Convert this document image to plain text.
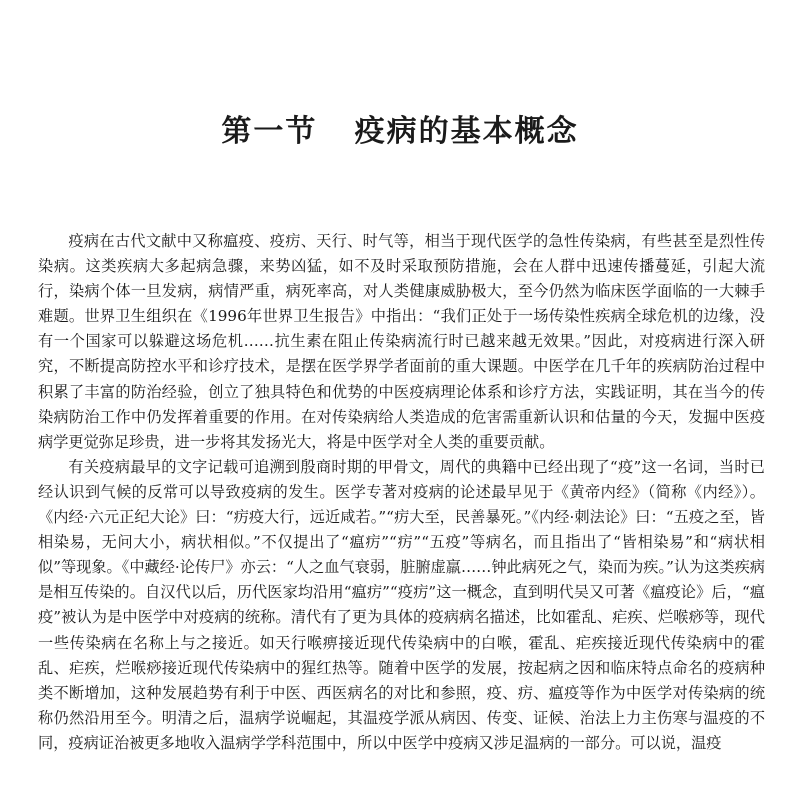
第一节   疫病的基本概念

疫病在古代文献中又称瘟疫、疫疠、天行、时气等，相当于现代医学的急性传染病，有些甚至是烈性传染病。这类疾病大多起病急骤，来势凶猛，如不及时采取预防措施，会在人群中迅速传播蔓延，引起大流行，染病个体一旦发病，病情严重，病死率高，对人类健康威胁极大，至今仍然为临床医学面临的一大棘手难题。世界卫生组织在《1996年世界卫生报告》中指出：“我们正处于一场传染性疾病全球危机的边缘，没有一个国家可以躲避这场危机……抗生素在阻止传染病流行时已越来越无效果。”因此，对疫病进行深入研究，不断提高防控水平和诊疗技术，是摆在医学界学者面前的重大课题。中医学在几千年的疾病防治过程中积累了丰富的防治经验，创立了独具特色和优势的中医疫病理论体系和诊疗方法，实践证明，其在当今的传染病防治工作中仍发挥着重要的作用。在对传染病给人类造成的危害需重新认识和估量的今天，发掘中医疫病学更觉弥足珍贵，进一步将其发扬光大，将是中医学对全人类的重要贡献。

有关疫病最早的文字记载可追溯到殷商时期的甲骨文，周代的典籍中已经出现了“疫”这一名词，当时已经认识到气候的反常可以导致疫病的发生。医学专著对疫病的论述最早见于《黄帝内经》（简称《内经》）。《内经·六元正纪大论》曰：“疠疫大行，远近咸若。”“疠大至，民善暴死。”《内经·刺法论》曰：“五疫之至，皆相染易，无问大小，病状相似。”不仅提出了“瘟疠”“疠”“五疫”等病名，而且指出了“皆相染易”和“病状相似”等现象。《中藏经·论传尸》亦云：“人之血气衰弱，脏腑虚羸……钟此病死之气，染而为疾。”认为这类疾病是相互传染的。自汉代以后，历代医家均沿用“瘟疠”“疫疠”这一概念，直到明代吴又可著《瘟疫论》后，“瘟疫”被认为是中医学中对疫病的统称。清代有了更为具体的疫病病名描述，比如霍乱、疟疾、烂喉痧等，现代一些传染病在名称上与之接近。如天行喉痹接近现代传染病中的白喉，霍乱、疟疾接近现代传染病中的霍乱、疟疾，烂喉痧接近现代传染病中的猩红热等。随着中医学的发展，按起病之因和临床特点命名的疫病种类不断增加，这种发展趋势有利于中医、西医病名的对比和参照，疫、疠、瘟疫等作为中医学对传染病的统称仍然沿用至今。明清之后，温病学说崛起，其温疫学派从病因、传变、证候、治法上力主伤寒与温疫的不同，疫病证治被更多地收入温病学学科范围中，所以中医学中疫病又涉足温病的一部分。可以说，温疫
